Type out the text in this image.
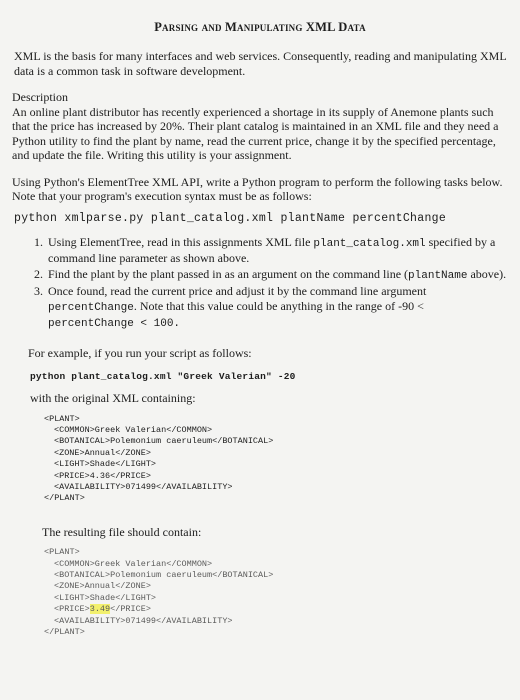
Parsing and Manipulating XML Data

XML is the basis for many interfaces and web services. Consequently, reading and manipulating XML data is a common task in software development.

Description

An online plant distributor has recently experienced a shortage in its supply of Anemone plants such that the price has increased by 20%. Their plant catalog is maintained in an XML file and they need a Python utility to find the plant by name, read the current price, change it by the specified percentage, and update the file. Writing this utility is your assignment.

Using Python's ElementTree XML API, write a Python program to perform the following tasks below. Note that your program's execution syntax must be as follows:

python xmlparse.py plant_catalog.xml plantName percentChange
1. Using ElementTree, read in this assignments XML file plant_catalog.xml specified by a command line parameter as shown above.
2. Find the plant by the plant passed in as an argument on the command line (plantName above).
3. Once found, read the current price and adjust it by the command line argument percentChange. Note that this value could be anything in the range of -90 < percentChange < 100.

For example, if you run your script as follows:

python plant_catalog.xml "Greek Valerian" -20

with the original XML containing:

<PLANT>
<COMMON>Greek Valerian</COMMON>
<BOTANICAL>Polemonium caeruleum</BOTANICAL>
<ZONE>Annual</ZONE>
<LIGHT>Shade</LIGHT>
<PRICE>4.36</PRICE>
<AVAILABILITY>071499</AVAILABILITY>
</PLANT>

The resulting file should contain:

<PLANT>
<COMMON>Greek Valerian</COMMON>
<BOTANICAL>Polemonium caeruleum</BOTANICAL>
<ZONE>Annual</ZONE>
<LIGHT>Shade</LIGHT>
<PRICE>3.49</PRICE>
<AVAILABILITY>071499</AVAILABILITY>
</PLANT>
